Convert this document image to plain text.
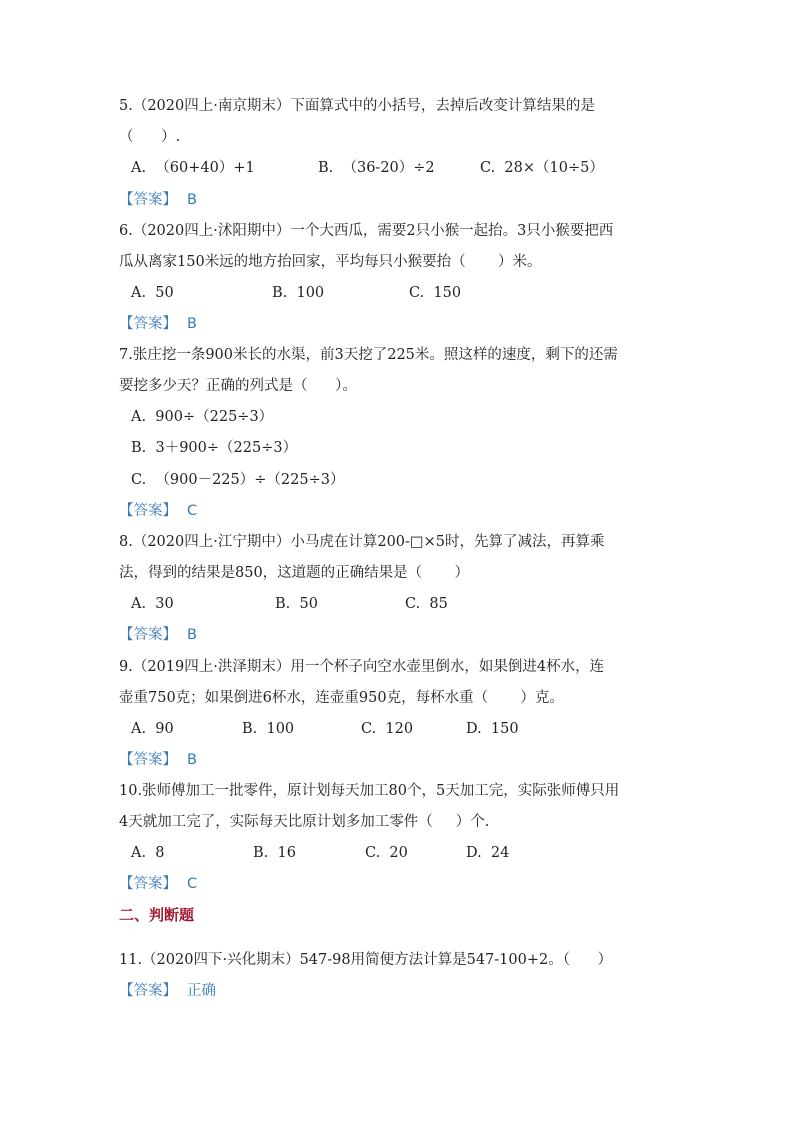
5.（2020四上·南京期末）下面算式中的小括号，去掉后改变计算结果的是
（      ）.
A.  （60+40）+1	B.  （36-20）÷2	C.  28×（10÷5）
【答案】 B
6.（2020四上·沭阳期中）一个大西瓜，需要2只小猴一起抬。3只小猴要把西
瓜从离家150米远的地方抬回家，平均每只小猴要抬（       ）米。
A.  50	B.  100	C.  150
【答案】 B
7.张庄挖一条900米长的水渠，前3天挖了225米。照这样的速度，剩下的还需
要挖多少天？正确的列式是（      ）。
A.  900÷（225÷3）
B.  3＋900÷（225÷3）
C.  （900－225）÷（225÷3）
【答案】 C
8.（2020四上·江宁期中）小马虎在计算200-□×5时，先算了减法，再算乘
法，得到的结果是850，这道题的正确结果是（       ）
A.  30	B.  50	C.  85
【答案】 B
9.（2019四上·洪泽期末）用一个杯子向空水壶里倒水，如果倒进4杯水，连
壶重750克；如果倒进6杯水，连壶重950克，每杯水重（       ）克。
A.  90	B.  100	C.  120	D.  150
【答案】 B
10.张师傅加工一批零件，原计划每天加工80个，5天加工完，实际张师傅只用
4天就加工完了，实际每天比原计划多加工零件（     ）个.
A.  8	B.  16	C.  20	D.  24
【答案】 C
二、判断题
11.（2020四下·兴化期末）547-98用简便方法计算是547-100+2。（      ）
【答案】 正确
